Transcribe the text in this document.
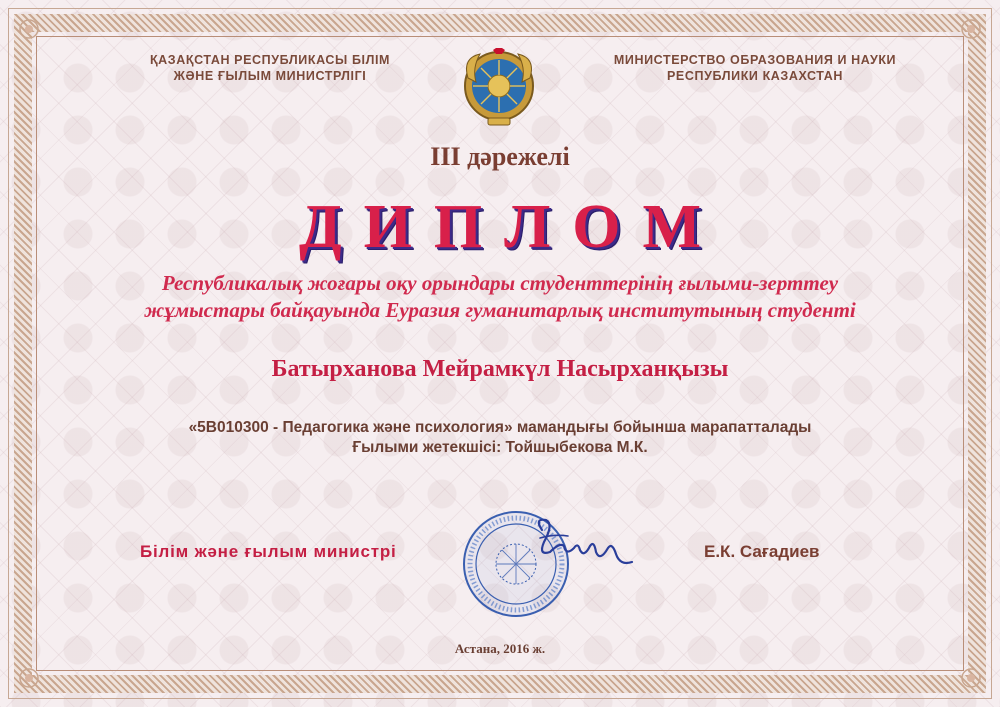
ҚАЗАҚСТАН РЕСПУБЛИКАСЫ БІЛІМ
ЖӘНЕ ҒЫЛЫМ МИНИСТРЛІГІ
МИНИСТЕРСТВО ОБРАЗОВАНИЯ И НАУКИ
РЕСПУБЛИКИ КАЗАХСТАН
III дәрежелі
ДИПЛОМ
Республикалық жоғары оқу орындары студенттерінің ғылыми-зерттеу
жұмыстары байқауында Еуразия гуманитарлық институтының студенті
Батырханова Мейрамкүл Насырханқызы
«5В010300 - Педагогика және психология» мамандығы бойынша марапатталады
Ғылыми жетекшісі: Тойшыбекова М.К.
Білім және ғылым министрі	Е.К. Сағадиев
Астана, 2016 ж.
